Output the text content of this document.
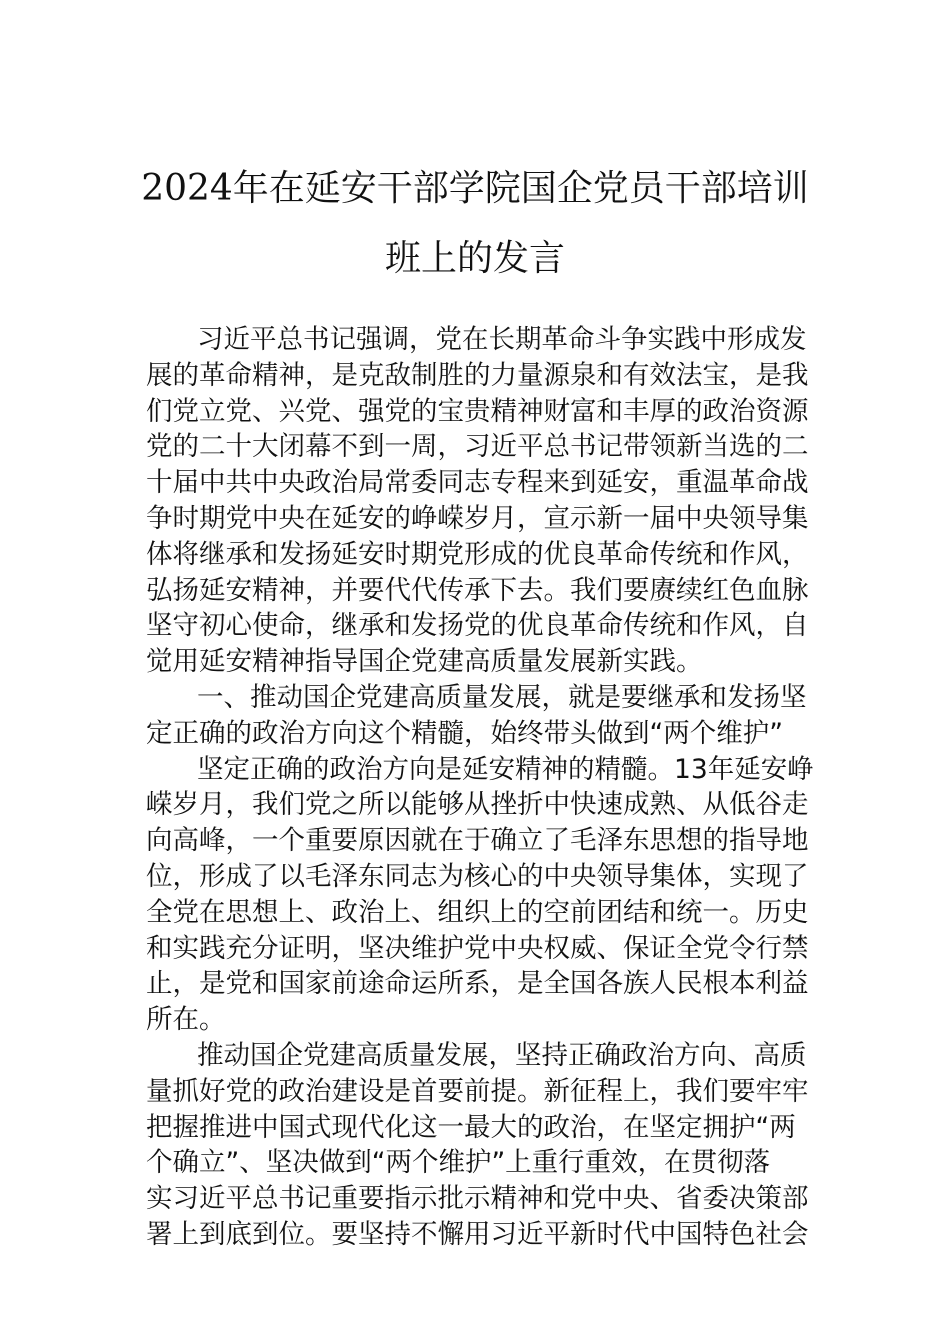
2024年在延安干部学院国企党员干部培训
班上的发言
习近平总书记强调，党在长期革命斗争实践中形成发
展的革命精神，是克敌制胜的力量源泉和有效法宝，是我
们党立党、兴党、强党的宝贵精神财富和丰厚的政治资源
党的二十大闭幕不到一周，习近平总书记带领新当选的二
十届中共中央政治局常委同志专程来到延安，重温革命战
争时期党中央在延安的峥嵘岁月，宣示新一届中央领导集
体将继承和发扬延安时期党形成的优良革命传统和作风，
弘扬延安精神，并要代代传承下去。我们要赓续红色血脉
坚守初心使命，继承和发扬党的优良革命传统和作风，自
觉用延安精神指导国企党建高质量发展新实践。
一、推动国企党建高质量发展，就是要继承和发扬坚
定正确的政治方向这个精髓，始终带头做到“两个维护”
坚定正确的政治方向是延安精神的精髓。13年延安峥
嵘岁月，我们党之所以能够从挫折中快速成熟、从低谷走
向高峰，一个重要原因就在于确立了毛泽东思想的指导地
位，形成了以毛泽东同志为核心的中央领导集体，实现了
全党在思想上、政治上、组织上的空前团结和统一。历史
和实践充分证明，坚决维护党中央权威、保证全党令行禁
止，是党和国家前途命运所系，是全国各族人民根本利益
所在。
推动国企党建高质量发展，坚持正确政治方向、高质
量抓好党的政治建设是首要前提。新征程上，我们要牢牢
把握推进中国式现代化这一最大的政治，在坚定拥护“两
个确立”、坚决做到“两个维护”上重行重效，在贯彻落
实习近平总书记重要指示批示精神和党中央、省委决策部
署上到底到位。要坚持不懈用习近平新时代中国特色社会
